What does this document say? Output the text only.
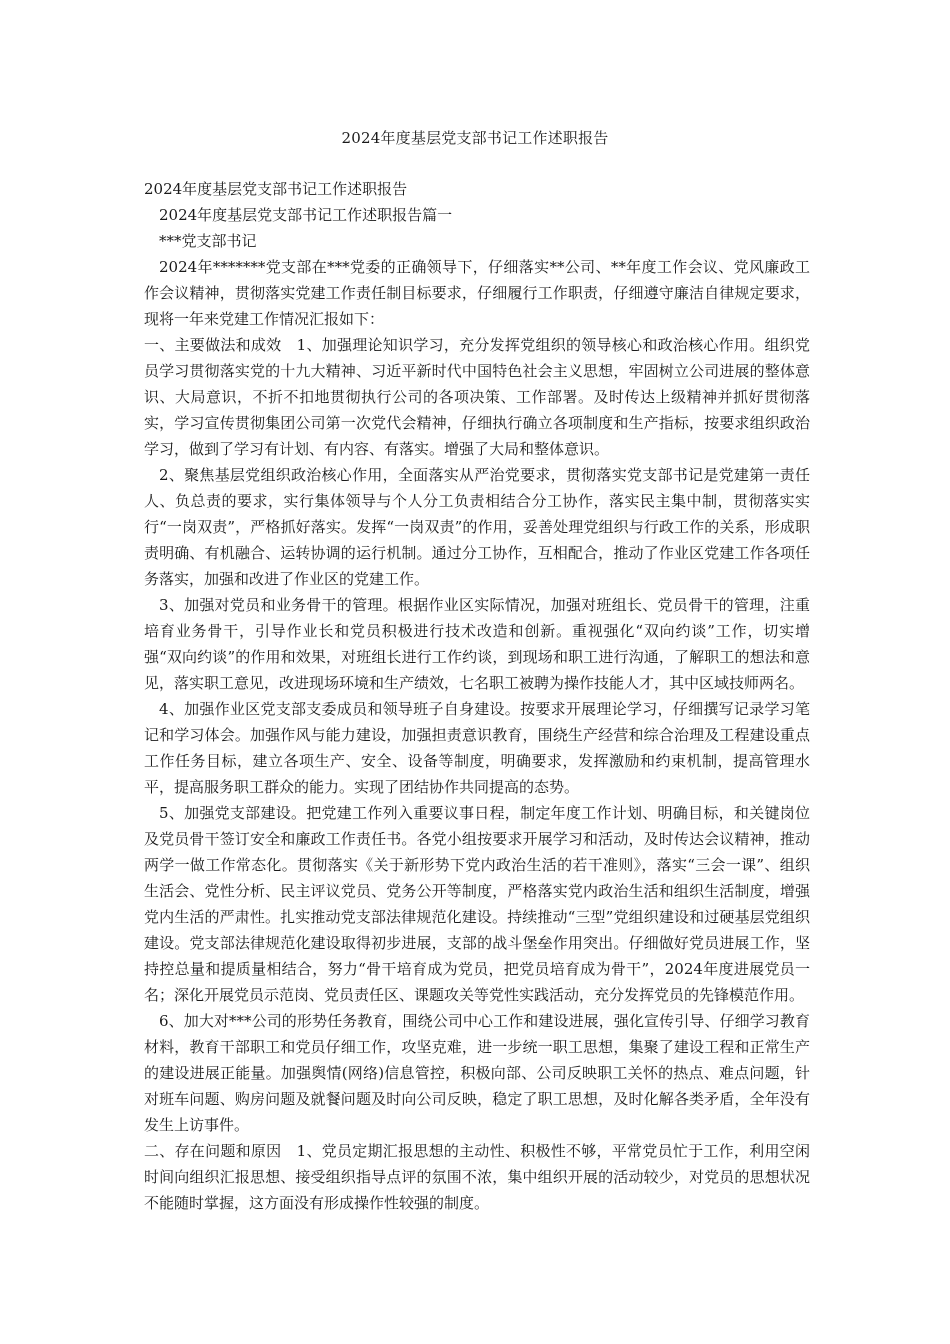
2024年度基层党支部书记工作述职报告

2024年度基层党支部书记工作述职报告

2024年度基层党支部书记工作述职报告篇一

***党支部书记

2024年*******党支部在***党委的正确领导下，仔细落实**公司、**年度工作会议、党风廉政工作会议精神，贯彻落实党建工作责任制目标要求，仔细履行工作职责，仔细遵守廉洁自律规定要求，现将一年来党建工作情况汇报如下：

一、主要做法和成效　1、加强理论知识学习，充分发挥党组织的领导核心和政治核心作用。组织党员学习贯彻落实党的十九大精神、习近平新时代中国特色社会主义思想，牢固树立公司进展的整体意识、大局意识，不折不扣地贯彻执行公司的各项决策、工作部署。及时传达上级精神并抓好贯彻落实，学习宣传贯彻集团公司第一次党代会精神，仔细执行确立各项制度和生产指标，按要求组织政治学习，做到了学习有计划、有内容、有落实。增强了大局和整体意识。

2、聚焦基层党组织政治核心作用，全面落实从严治党要求，贯彻落实党支部书记是党建第一责任人、负总责的要求，实行集体领导与个人分工负责相结合分工协作，落实民主集中制，贯彻落实实行“一岗双责”，严格抓好落实。发挥“一岗双责”的作用，妥善处理党组织与行政工作的关系，形成职责明确、有机融合、运转协调的运行机制。通过分工协作，互相配合，推动了作业区党建工作各项任务落实，加强和改进了作业区的党建工作。

3、加强对党员和业务骨干的管理。根据作业区实际情况，加强对班组长、党员骨干的管理，注重培育业务骨干，引导作业长和党员积极进行技术改造和创新。重视强化“双向约谈”工作，切实增强“双向约谈”的作用和效果，对班组长进行工作约谈，到现场和职工进行沟通，了解职工的想法和意见，落实职工意见，改进现场环境和生产绩效，七名职工被聘为操作技能人才，其中区域技师两名。

4、加强作业区党支部支委成员和领导班子自身建设。按要求开展理论学习，仔细撰写记录学习笔记和学习体会。加强作风与能力建设，加强担责意识教育，围绕生产经营和综合治理及工程建设重点工作任务目标，建立各项生产、安全、设备等制度，明确要求，发挥激励和约束机制，提高管理水平，提高服务职工群众的能力。实现了团结协作共同提高的态势。

5、加强党支部建设。把党建工作列入重要议事日程，制定年度工作计划、明确目标，和关键岗位及党员骨干签订安全和廉政工作责任书。各党小组按要求开展学习和活动，及时传达会议精神，推动两学一做工作常态化。贯彻落实《关于新形势下党内政治生活的若干准则》，落实“三会一课”、组织生活会、党性分析、民主评议党员、党务公开等制度，严格落实党内政治生活和组织生活制度，增强党内生活的严肃性。扎实推动党支部法律规范化建设。持续推动“三型”党组织建设和过硬基层党组织建设。党支部法律规范化建设取得初步进展，支部的战斗堡垒作用突出。仔细做好党员进展工作，坚持控总量和提质量相结合，努力“骨干培育成为党员，把党员培育成为骨干”，2024年度进展党员一名；深化开展党员示范岗、党员责任区、课题攻关等党性实践活动，充分发挥党员的先锋模范作用。

6、加大对***公司的形势任务教育，围绕公司中心工作和建设进展，强化宣传引导、仔细学习教育材料，教育干部职工和党员仔细工作，攻坚克难，进一步统一职工思想，集聚了建设工程和正常生产的建设进展正能量。加强舆情(网络)信息管控，积极向部、公司反映职工关怀的热点、难点问题，针对班车问题、购房问题及就餐问题及时向公司反映，稳定了职工思想，及时化解各类矛盾，全年没有发生上访事件。

二、存在问题和原因　1、党员定期汇报思想的主动性、积极性不够，平常党员忙于工作，利用空闲时间向组织汇报思想、接受组织指导点评的氛围不浓，集中组织开展的活动较少，对党员的思想状况不能随时掌握，这方面没有形成操作性较强的制度。
